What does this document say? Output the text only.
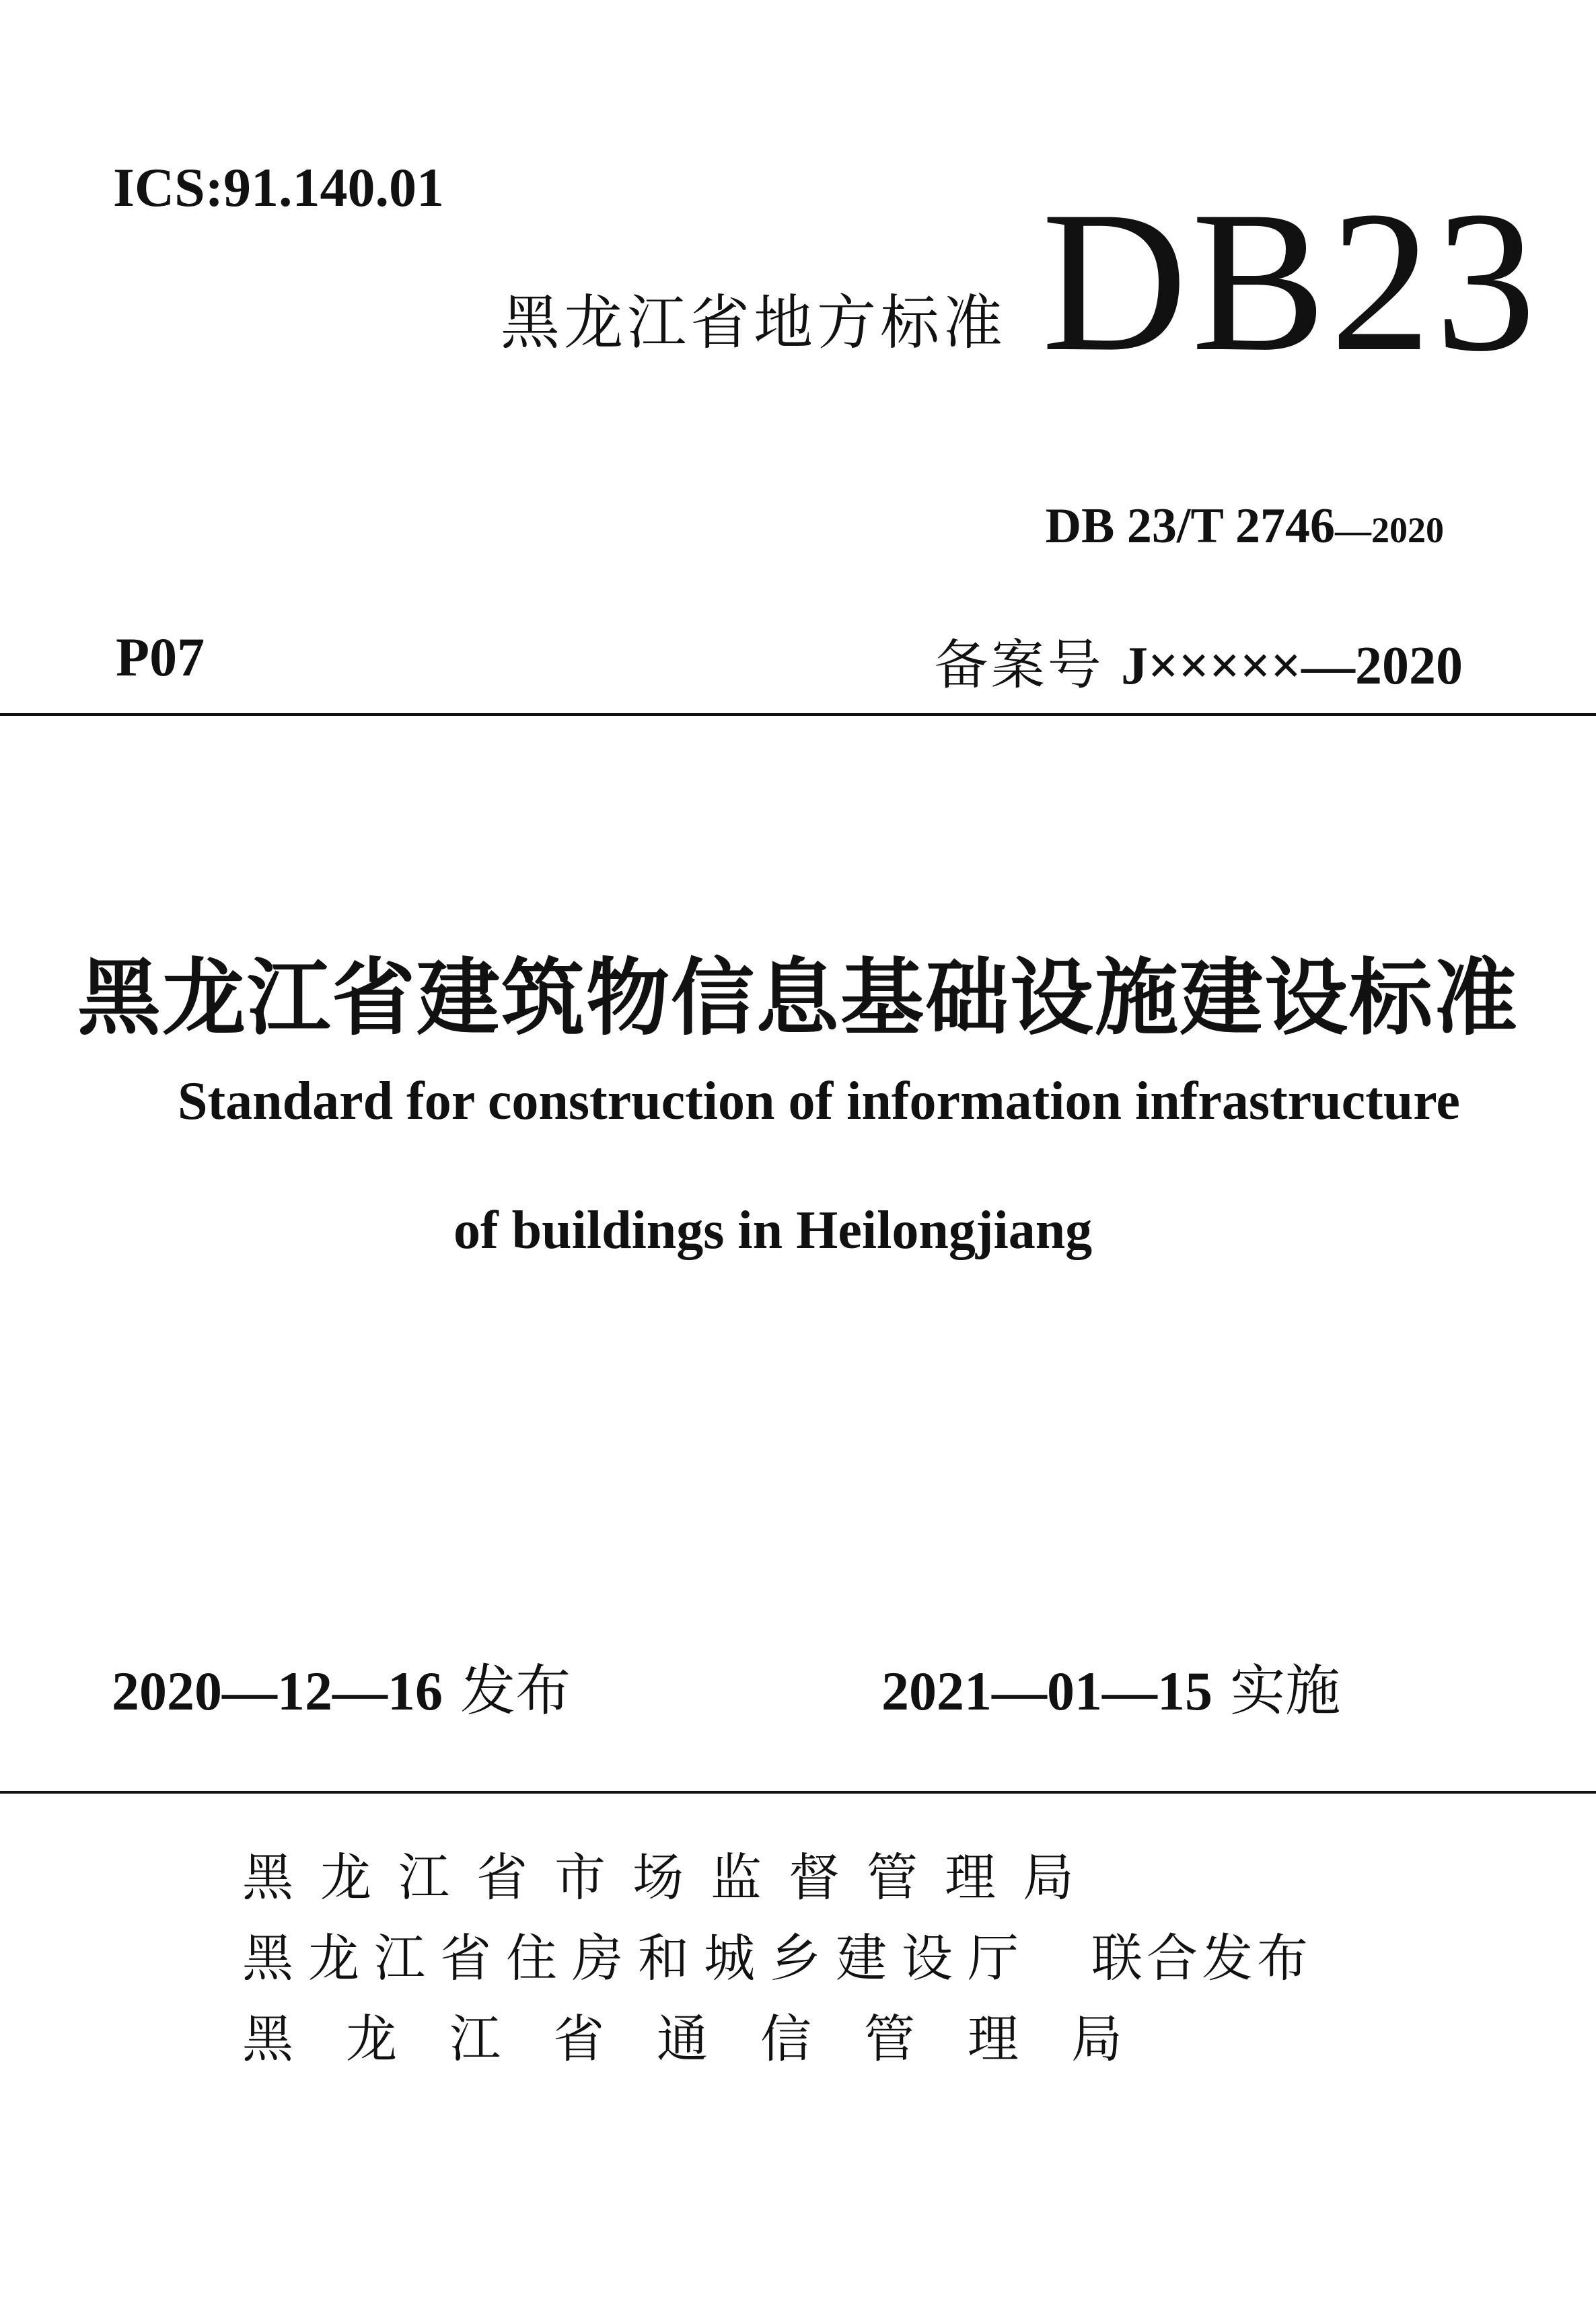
ICS:91.140.01
黑龙江省地方标准 DB23
DB 23/T 2746—2020
P07	备案号 J×××××—2020
黑龙江省建筑物信息基础设施建设标准
Standard for construction of information infrastructure
of buildings in Heilongjiang
2020—12—16 发布	2021—01—15 实施
黑龙江省市场监督管理局
黑龙江省住房和城乡建设厅 联合发布
黑龙江省通信管理局
